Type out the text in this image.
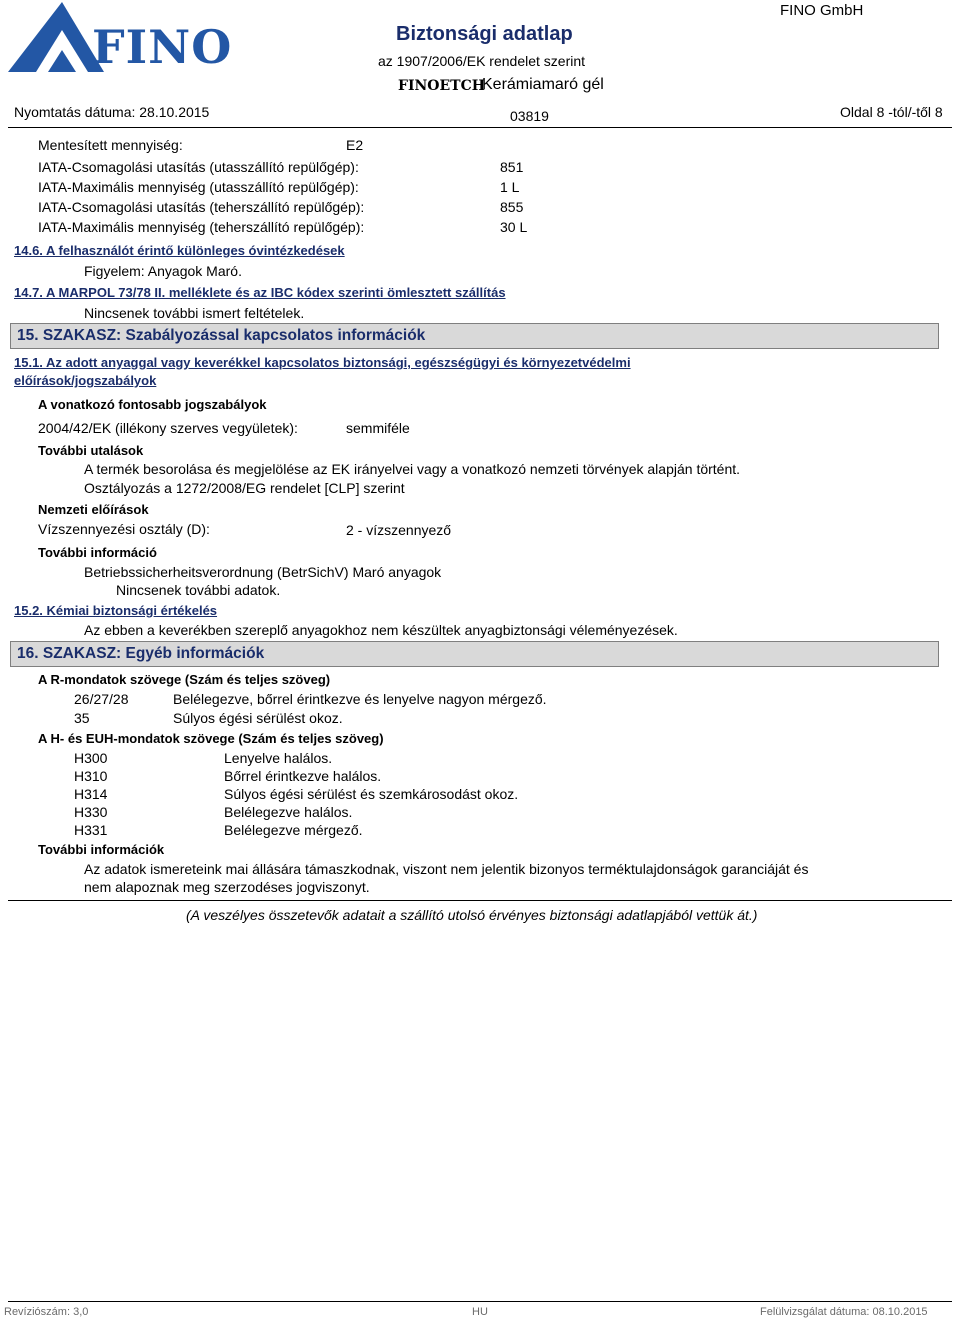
FINO	Biztonsági adatlap
az 1907/2006/EK rendelet szerint
FINO GmbH
FINOETCH
Kerámiamaró gél
Nyomtatás dátuma: 28.10.2015	03819	Oldal 8 -tól/-től 8
Mentesített mennyiség:	E2
IATA-Csomagolási utasítás (utasszállító repülőgép):	851
IATA-Maximális mennyiség (utasszállító repülőgép):	1 L
IATA-Csomagolási utasítás (teherszállító repülőgép):	855
IATA-Maximális mennyiség (teherszállító repülőgép):	30 L
14.6. A felhasználót érintő különleges óvintézkedések
Figyelem: Anyagok Maró.
14.7. A MARPOL 73/78 II. melléklete és az IBC kódex szerinti ömlesztett szállítás
Nincsenek további ismert feltételek.
15. SZAKASZ: Szabályozással kapcsolatos információk
15.1. Az adott anyaggal vagy keverékkel kapcsolatos biztonsági, egészségügyi és környezetvédelmi
előírások/jogszabályok
A vonatkozó fontosabb jogszabályok
2004/42/EK (illékony szerves vegyületek):	semmiféle
További utalások
A termék besorolása és megjelölése az EK irányelvei vagy a vonatkozó nemzeti törvények alapján történt.
Osztályozás a 1272/2008/EG rendelet [CLP] szerint
Nemzeti előírások
Vízszennyezési osztály (D):	2 - vízszennyező
További információ
Betriebssicherheitsverordnung (BetrSichV) Maró anyagok
Nincsenek további adatok.
15.2. Kémiai biztonsági értékelés
Az ebben a keverékben szereplő anyagokhoz nem készültek anyagbiztonsági véleményezések.
16. SZAKASZ: Egyéb információk
A R-mondatok szövege (Szám és teljes szöveg)
26/27/28	Belélegezve, bőrrel érintkezve és lenyelve nagyon mérgező.
35	Súlyos égési sérülést okoz.
A H- és EUH-mondatok szövege (Szám és teljes szöveg)
H300	Lenyelve halálos.
H310	Bőrrel érintkezve halálos.
H314	Súlyos égési sérülést és szemkárosodást okoz.
H330	Belélegezve halálos.
H331	Belélegezve mérgező.
További információk
Az adatok ismereteink mai állására támaszkodnak, viszont nem jelentik bizonyos terméktulajdonságok garanciáját és
nem alapoznak meg szerzodéses jogviszonyt.
(A veszélyes összetevők adatait a szállító utolsó érvényes biztonsági adatlapjából vettük át.)
Revíziószám: 3,0	HU	Felülvizsgálat dátuma: 08.10.2015
